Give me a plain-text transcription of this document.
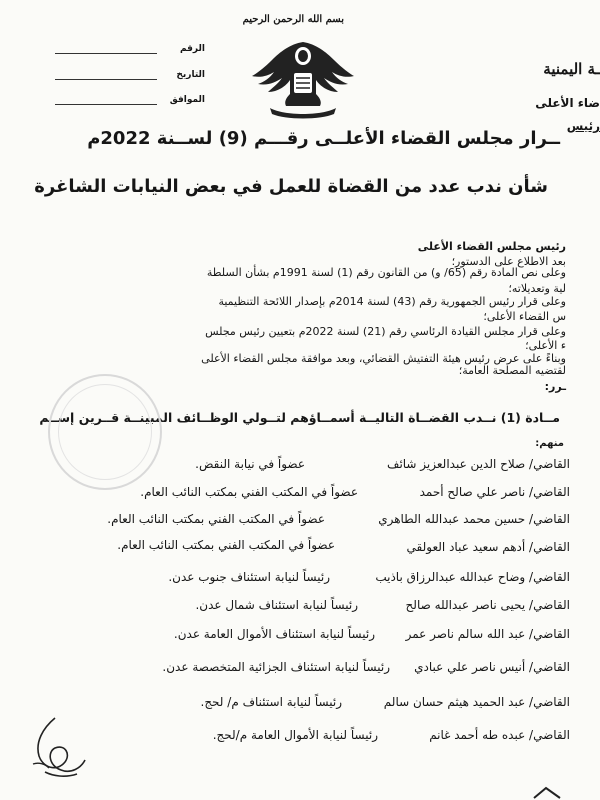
ـة اليمنية
ضاء الأعلى
رئيس
بسم الله الرحمن الرحيم
الرقم
التاريخ
الموافق
ــرار مجلس القضاء الأعلــى رقـــم (9) لســنة 2022م
شأن ندب عدد من القضاة للعمل في بعض النيابات الشاغرة
رئيس مجلس القضاء الأعلى
بعد الاطلاع على الدستور؛
وعلى نص المادة رقم (65/ و) من القانون رقم (1) لسنة 1991م بشأن السلطة
لية وتعديلاته؛
وعلى قرار رئيس الجمهورية رقم (43) لسنة 2014م بإصدار اللائحة التنظيمية
س القضاء الأعلى؛
وعلى قرار مجلس القيادة الرئاسي رقم (21) لسنة 2022م بتعيين رئيس مجلس
ء الأعلى؛
وبناءً على عرض رئيس هيئة التفتيش القضائي، وبعد موافقة مجلس القضاء الأعلى
لقتضيه المصلحة العامة؛
ـرر:
مــادة (1) نــدب القضــاة التاليــة أسمــاؤهم لتــولي الوظــائف المبينــة قــرين إســم
منهم:
القاضي/ صلاح الدين عبدالعزيز شائف
عضواً في نيابة النقض.
القاضي/ ناصر علي صالح أحمد
عضواً في المكتب الفني بمكتب النائب العام.
القاضي/ حسين محمد عبدالله الطاهري
عضواً في المكتب الفني بمكتب النائب العام.
القاضي/ أدهم سعيد عباد العولقي
عضواً في المكتب الفني بمكتب النائب العام.
القاضي/ وضاح عبدالله عبدالرزاق باذيب
رئيساً لنيابة استئناف جنوب عدن.
القاضي/ يحيى ناصر عبدالله صالح
رئيساً لنيابة استئناف شمال عدن.
القاضي/ عبد الله سالم ناصر عمر
رئيساً لنيابة استئناف الأموال العامة عدن.
القاضي/ أنيس ناصر علي عبادي
رئيساً لنيابة استئناف الجزائية المتخصصة عدن.
القاضي/ عبد الحميد هيثم حسان سالم
رئيساً لنيابة استئناف م/ لحج.
القاضي/ عبده طه أحمد غانم
رئيساً لنيابة الأموال العامة م/لحج.
